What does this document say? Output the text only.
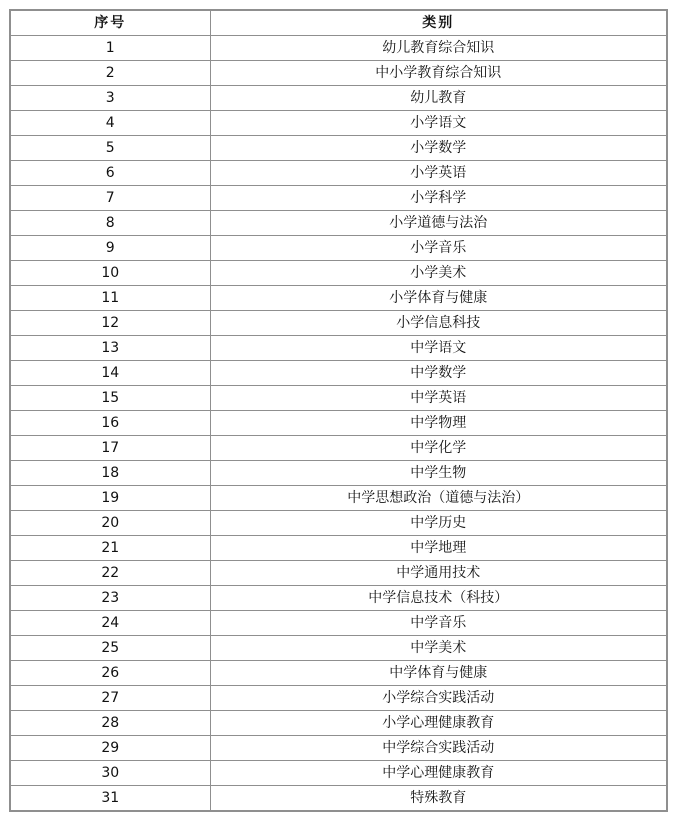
序号	类别
1	幼儿教育综合知识
2	中小学教育综合知识
3	幼儿教育
4	小学语文
5	小学数学
6	小学英语
7	小学科学
8	小学道德与法治
9	小学音乐
10	小学美术
11	小学体育与健康
12	小学信息科技
13	中学语文
14	中学数学
15	中学英语
16	中学物理
17	中学化学
18	中学生物
19	中学思想政治（道德与法治）
20	中学历史
21	中学地理
22	中学通用技术
23	中学信息技术（科技）
24	中学音乐
25	中学美术
26	中学体育与健康
27	小学综合实践活动
28	小学心理健康教育
29	中学综合实践活动
30	中学心理健康教育
31	特殊教育
